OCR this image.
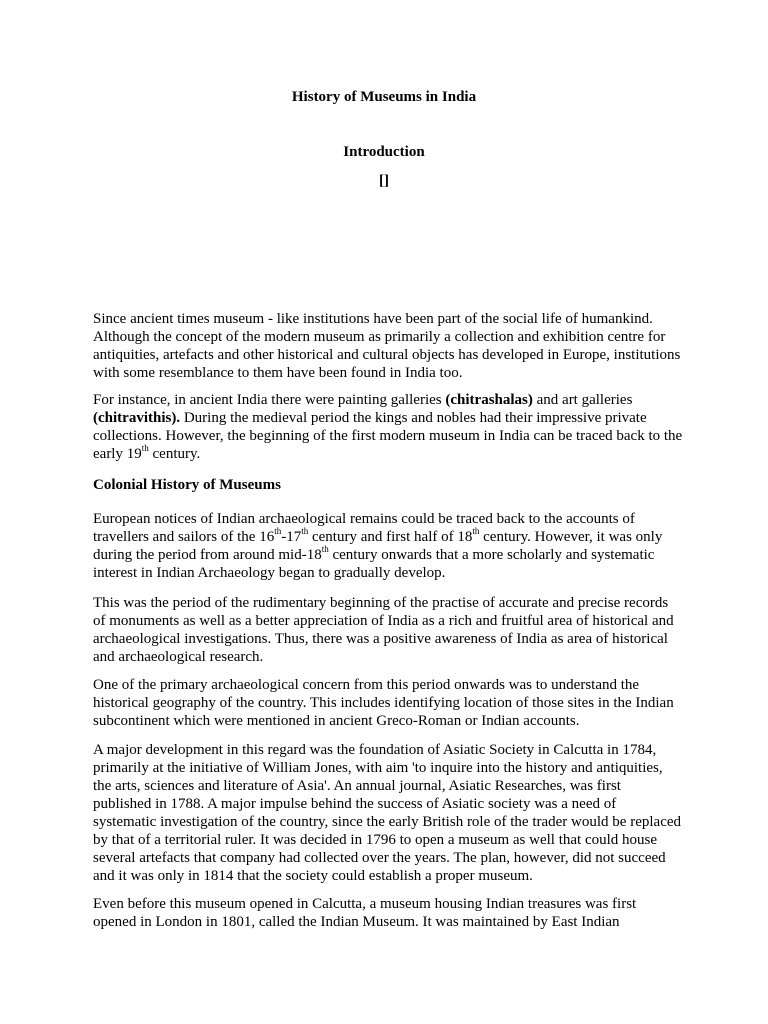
History of Museums in India
Introduction
[]

Since ancient times museum - like institutions have been part of the social life of humankind. Although the concept of the modern museum as primarily a collection and exhibition centre for antiquities, artefacts and other historical and cultural objects has developed in Europe, institutions with some resemblance to them have been found in India too.

For instance, in ancient India there were painting galleries (chitrashalas) and art galleries (chitravithis). During the medieval period the kings and nobles had their impressive private collections. However, the beginning of the first modern museum in India can be traced back to the early 19th century.

Colonial History of Museums

European notices of Indian archaeological remains could be traced back to the accounts of travellers and sailors of the 16th-17th century and first half of 18th century. However, it was only during the period from around mid-18th century onwards that a more scholarly and systematic interest in Indian Archaeology began to gradually develop.

This was the period of the rudimentary beginning of the practise of accurate and precise records of monuments as well as a better appreciation of India as a rich and fruitful area of historical and archaeological investigations. Thus, there was a positive awareness of India as area of historical and archaeological research.

One of the primary archaeological concern from this period onwards was to understand the historical geography of the country. This includes identifying location of those sites in the Indian subcontinent which were mentioned in ancient Greco-Roman or Indian accounts.

A major development in this regard was the foundation of Asiatic Society in Calcutta in 1784, primarily at the initiative of William Jones, with aim 'to inquire into the history and antiquities, the arts, sciences and literature of Asia'. An annual journal, Asiatic Researches, was first published in 1788. A major impulse behind the success of Asiatic society was a need of systematic investigation of the country, since the early British role of the trader would be replaced by that of a territorial ruler. It was decided in 1796 to open a museum as well that could house several artefacts that company had collected over the years. The plan, however, did not succeed and it was only in 1814 that the society could establish a proper museum.

Even before this museum opened in Calcutta, a museum housing Indian treasures was first opened in London in 1801, called the Indian Museum. It was maintained by East Indian
